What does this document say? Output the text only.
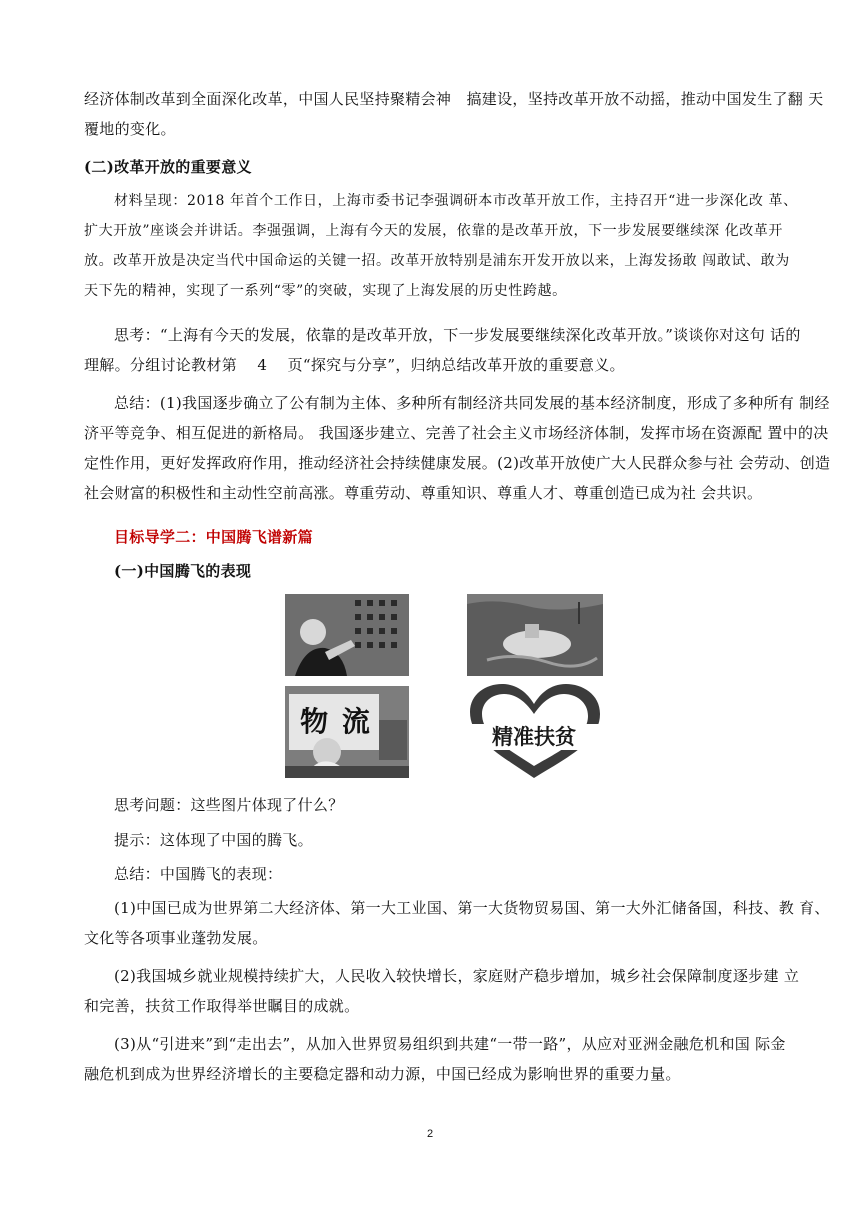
经济体制改革到全面深化改革，中国人民坚持聚精会神　搞建设，坚持改革开放不动摇，推动中国发生了翻 天
覆地的变化。

(二)改革开放的重要意义

材料呈现：2018 年首个工作日，上海市委书记李强调研本市改革开放工作，主持召开“进一步深化改 革、
扩大开放”座谈会并讲话。李强强调，上海有今天的发展，依靠的是改革开放，下一步发展要继续深 化改革开
放。改革开放是决定当代中国命运的关键一招。改革开放特别是浦东开发开放以来，上海发扬敢 闯敢试、敢为
天下先的精神，实现了一系列“零”的突破，实现了上海发展的历史性跨越。

思考：“上海有今天的发展，依靠的是改革开放，下一步发展要继续深化改革开放。”谈谈你对这句 话的
理解。分组讨论教材第　 4　 页“探究与分享”，归纳总结改革开放的重要意义。

总结：(1)我国逐步确立了公有制为主体、多种所有制经济共同发展的基本经济制度，形成了多种所有 制经
济平等竞争、相互促进的新格局。 我国逐步建立、完善了社会主义市场经济体制，发挥市场在资源配 置中的决
定性作用，更好发挥政府作用，推动经济社会持续健康发展。(2)改革开放使广大人民群众参与社 会劳动、创造
社会财富的积极性和主动性空前高涨。尊重劳动、尊重知识、尊重人才、尊重创造已成为社 会共识。

目标导学二：中国腾飞谱新篇

(一)中国腾飞的表现

物 流	精准扶贫

思考问题：这些图片体现了什么？

提示：这体现了中国的腾飞。

总结：中国腾飞的表现：

(1)中国已成为世界第二大经济体、第一大工业国、第一大货物贸易国、第一大外汇储备国，科技、教 育、
文化等各项事业蓬勃发展。

(2)我国城乡就业规模持续扩大，人民收入较快增长，家庭财产稳步增加，城乡社会保障制度逐步建 立
和完善，扶贫工作取得举世瞩目的成就。

(3)从“引进来”到“走出去”，从加入世界贸易组织到共建“一带一路”，从应对亚洲金融危机和国 际金
融危机到成为世界经济增长的主要稳定器和动力源，中国已经成为影响世界的重要力量。

2
